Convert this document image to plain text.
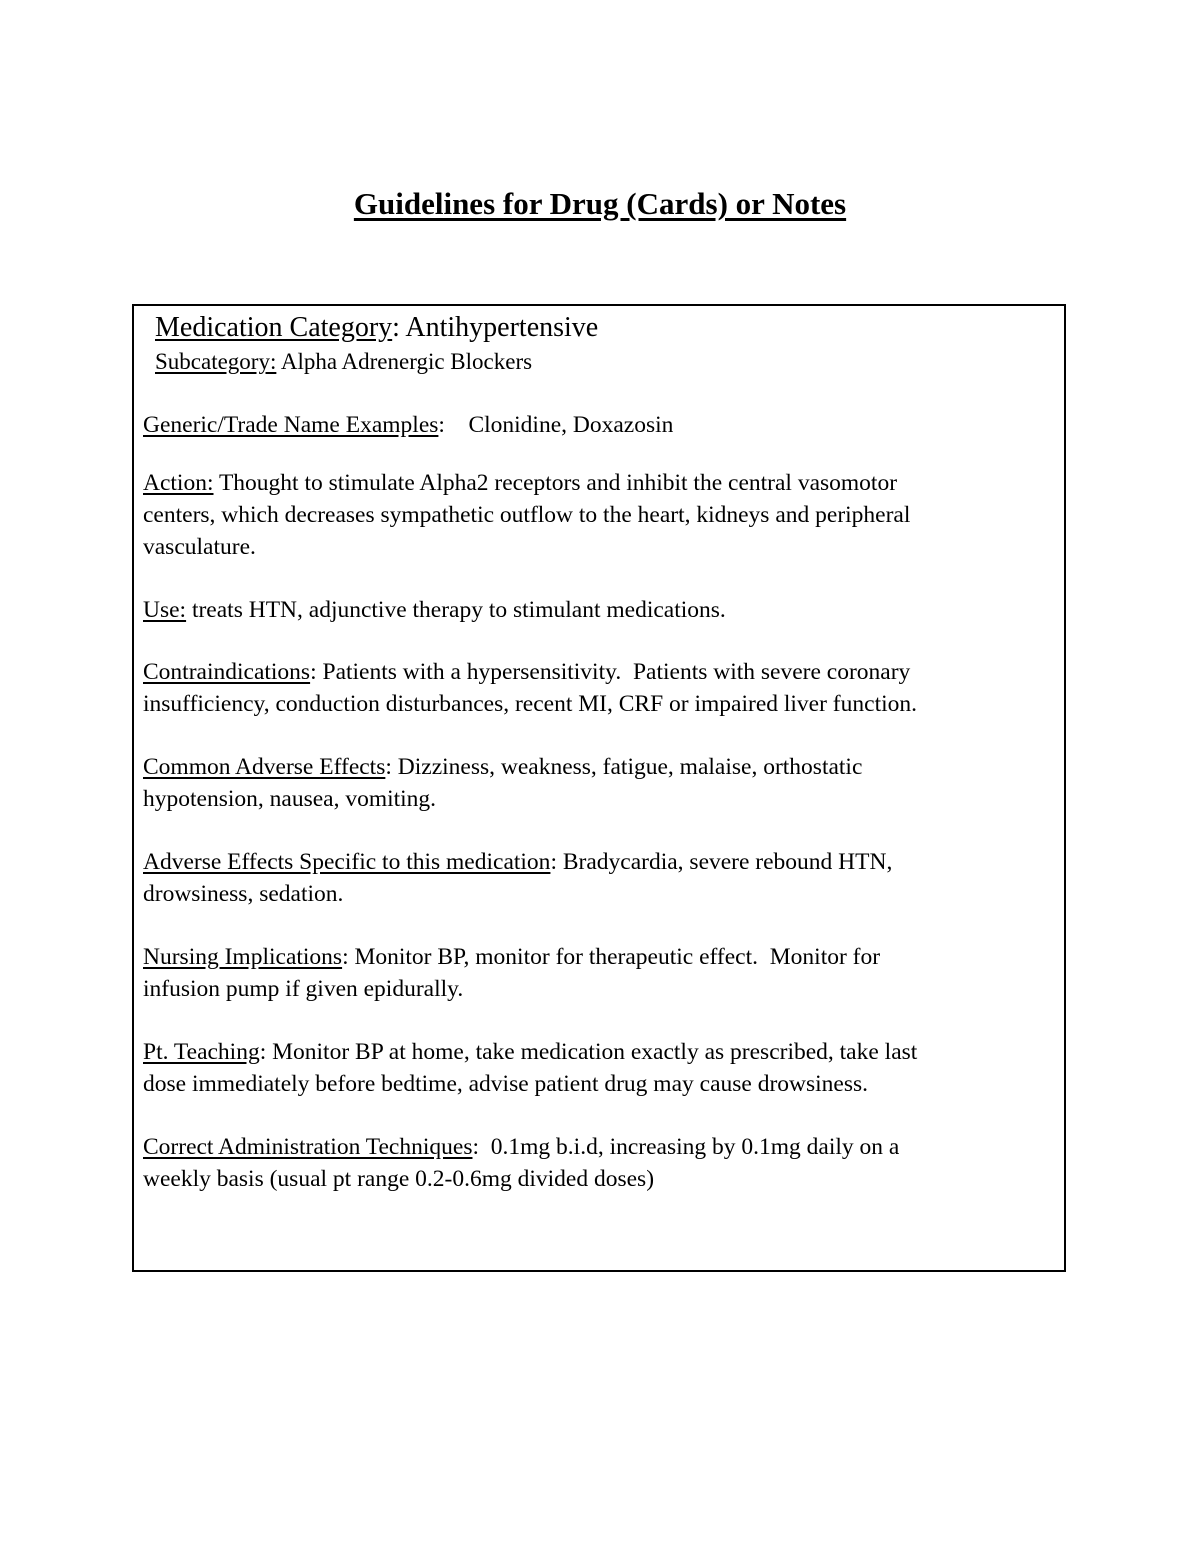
Guidelines for Drug (Cards) or Notes
Medication Category: Antihypertensive
Subcategory: Alpha Adrenergic Blockers
Generic/Trade Name Examples:    Clonidine, Doxazosin

Action: Thought to stimulate Alpha2 receptors and inhibit the central vasomotor

centers, which decreases sympathetic outflow to the heart, kidneys and peripheral

vasculature.

Use: treats HTN, adjunctive therapy to stimulant medications.

Contraindications: Patients with a hypersensitivity.  Patients with severe coronary

insufficiency, conduction disturbances, recent MI, CRF or impaired liver function.

Common Adverse Effects: Dizziness, weakness, fatigue, malaise, orthostatic

hypotension, nausea, vomiting.

Adverse Effects Specific to this medication: Bradycardia, severe rebound HTN,

drowsiness, sedation.

Nursing Implications: Monitor BP, monitor for therapeutic effect.  Monitor for

infusion pump if given epidurally.

Pt. Teaching: Monitor BP at home, take medication exactly as prescribed, take last

dose immediately before bedtime, advise patient drug may cause drowsiness.

Correct Administration Techniques:  0.1mg b.i.d, increasing by 0.1mg daily on a

weekly basis (usual pt range 0.2-0.6mg divided doses)
